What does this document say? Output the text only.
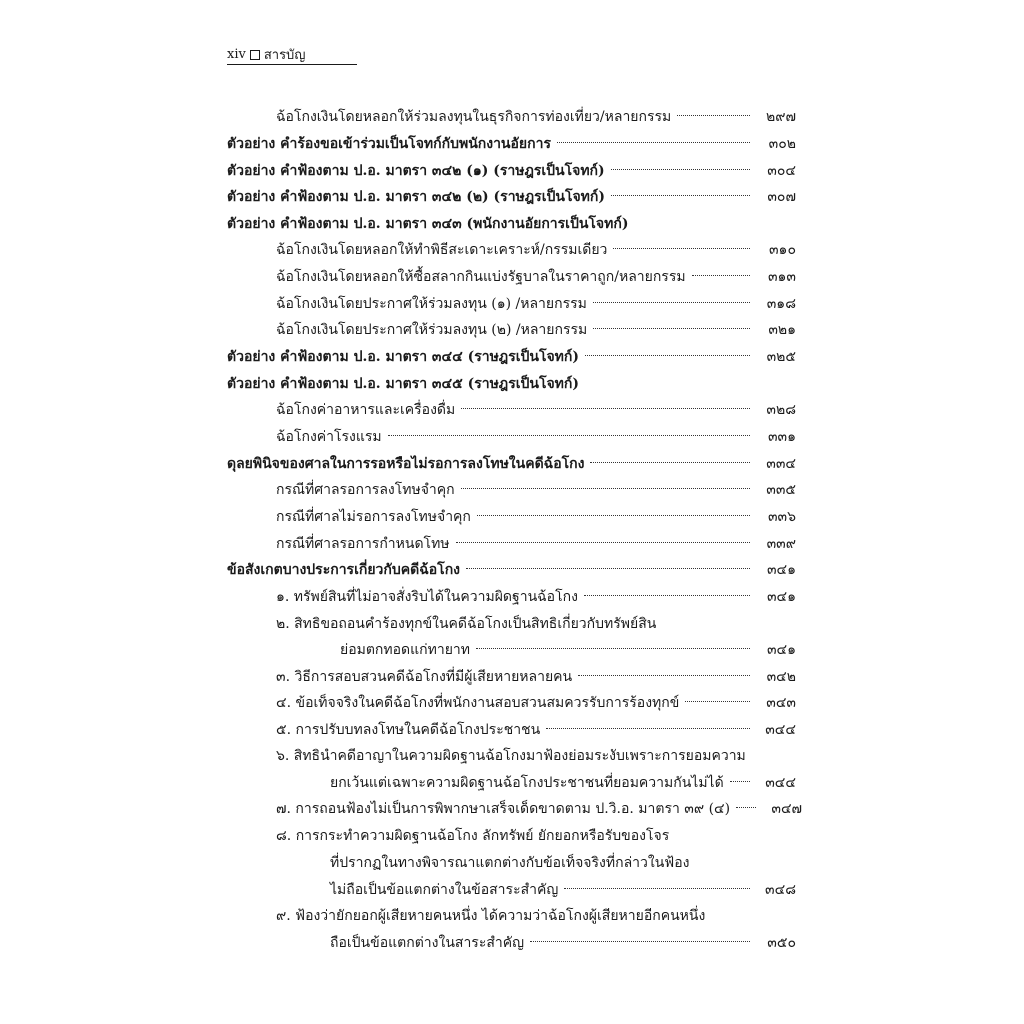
xiv สารบัญ
ฉ้อโกงเงินโดยหลอกให้ร่วมลงทุนในธุรกิจการท่องเที่ยว/หลายกรรม	๒๙๗
ตัวอย่าง คำร้องขอเข้าร่วมเป็นโจทก์กับพนักงานอัยการ	๓๐๒
ตัวอย่าง คำฟ้องตาม ป.อ. มาตรา ๓๔๒ (๑) (ราษฎรเป็นโจทก์)	๓๐๔
ตัวอย่าง คำฟ้องตาม ป.อ. มาตรา ๓๔๒ (๒) (ราษฎรเป็นโจทก์)	๓๐๗
ตัวอย่าง คำฟ้องตาม ป.อ. มาตรา ๓๔๓ (พนักงานอัยการเป็นโจทก์)
ฉ้อโกงเงินโดยหลอกให้ทำพิธีสะเดาะเคราะห์/กรรมเดียว	๓๑๐
ฉ้อโกงเงินโดยหลอกให้ซื้อสลากกินแบ่งรัฐบาลในราคาถูก/หลายกรรม	๓๑๓
ฉ้อโกงเงินโดยประกาศให้ร่วมลงทุน (๑) /หลายกรรม	๓๑๘
ฉ้อโกงเงินโดยประกาศให้ร่วมลงทุน (๒) /หลายกรรม	๓๒๑
ตัวอย่าง คำฟ้องตาม ป.อ. มาตรา ๓๔๔ (ราษฎรเป็นโจทก์)	๓๒๕
ตัวอย่าง คำฟ้องตาม ป.อ. มาตรา ๓๔๕ (ราษฎรเป็นโจทก์)
ฉ้อโกงค่าอาหารและเครื่องดื่ม	๓๒๘
ฉ้อโกงค่าโรงแรม	๓๓๑
ดุลยพินิจของศาลในการรอหรือไม่รอการลงโทษในคดีฉ้อโกง	๓๓๔
กรณีที่ศาลรอการลงโทษจำคุก	๓๓๕
กรณีที่ศาลไม่รอการลงโทษจำคุก	๓๓๖
กรณีที่ศาลรอการกำหนดโทษ	๓๓๙
ข้อสังเกตบางประการเกี่ยวกับคดีฉ้อโกง	๓๔๑
๑. ทรัพย์สินที่ไม่อาจสั่งริบได้ในความผิดฐานฉ้อโกง	๓๔๑
๒. สิทธิขอถอนคำร้องทุกข์ในคดีฉ้อโกงเป็นสิทธิเกี่ยวกับทรัพย์สิน
ย่อมตกทอดแก่ทายาท	๓๔๑
๓. วิธีการสอบสวนคดีฉ้อโกงที่มีผู้เสียหายหลายคน	๓๔๒
๔. ข้อเท็จจริงในคดีฉ้อโกงที่พนักงานสอบสวนสมควรรับการร้องทุกข์	๓๔๓
๕. การปรับบทลงโทษในคดีฉ้อโกงประชาชน	๓๔๔
๖. สิทธินำคดีอาญาในความผิดฐานฉ้อโกงมาฟ้องย่อมระงับเพราะการยอมความ
ยกเว้นแต่เฉพาะความผิดฐานฉ้อโกงประชาชนที่ยอมความกันไม่ได้	๓๔๔
๗. การถอนฟ้องไม่เป็นการพิพากษาเสร็จเด็ดขาดตาม ป.วิ.อ. มาตรา ๓๙ (๔)	๓๔๗
๘. การกระทำความผิดฐานฉ้อโกง ลักทรัพย์ ยักยอกหรือรับของโจร
ที่ปรากฏในทางพิจารณาแตกต่างกับข้อเท็จจริงที่กล่าวในฟ้อง
ไม่ถือเป็นข้อแตกต่างในข้อสาระสำคัญ	๓๔๘
๙. ฟ้องว่ายักยอกผู้เสียหายคนหนึ่ง ได้ความว่าฉ้อโกงผู้เสียหายอีกคนหนึ่ง
ถือเป็นข้อแตกต่างในสาระสำคัญ	๓๕๐
